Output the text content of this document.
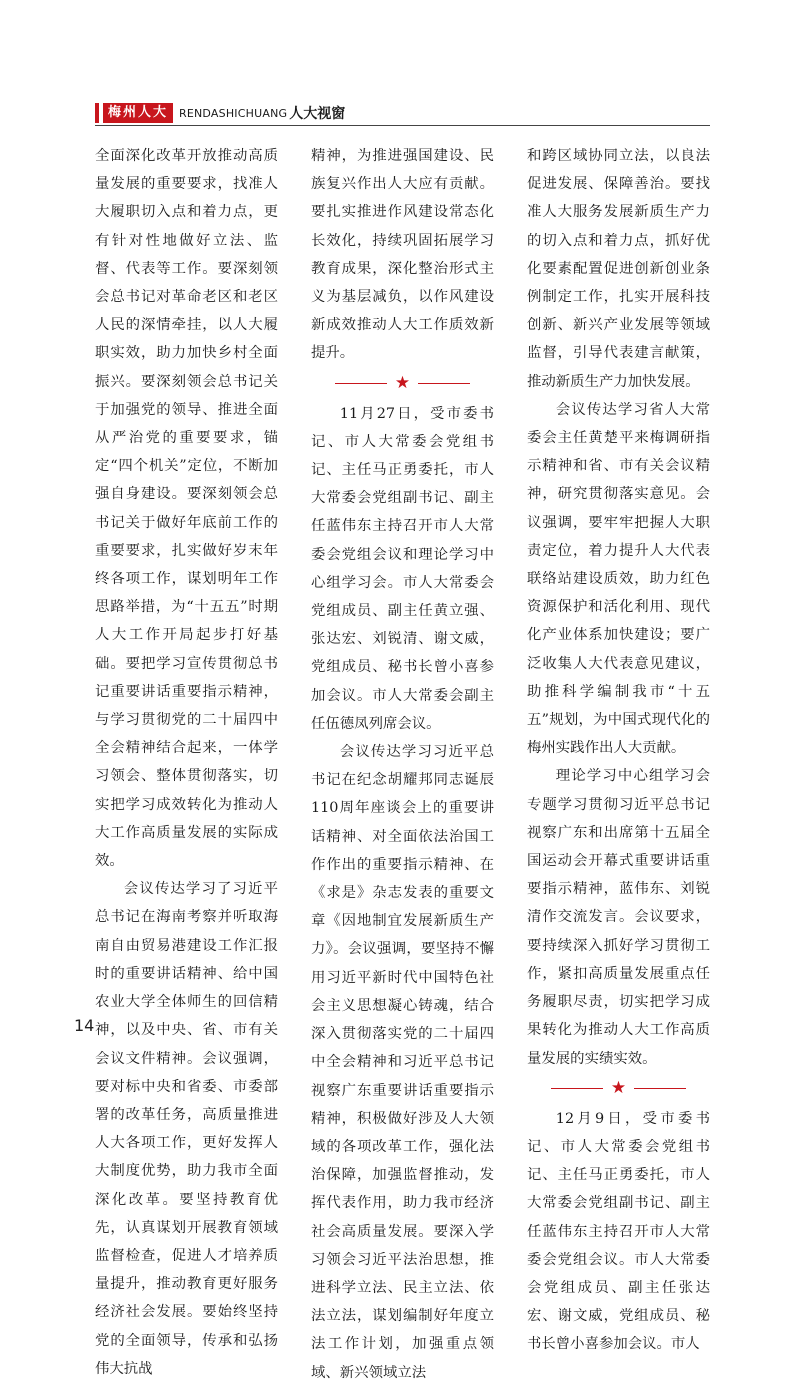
梅州人大	RENDASHICHUANG 人大视窗

全面深化改革开放推动高质量发展的重要要求，找准人大履职切入点和着力点，更有针对性地做好立法、监督、代表等工作。要深刻领会总书记对革命老区和老区人民的深情牵挂，以人大履职实效，助力加快乡村全面振兴。要深刻领会总书记关于加强党的领导、推进全面从严治党的重要要求，锚定“四个机关”定位，不断加强自身建设。要深刻领会总书记关于做好年底前工作的重要要求，扎实做好岁末年终各项工作，谋划明年工作思路举措，为“十五五”时期人大工作开局起步打好基础。要把学习宣传贯彻总书记重要讲话重要指示精神，与学习贯彻党的二十届四中全会精神结合起来，一体学习领会、整体贯彻落实，切实把学习成效转化为推动人大工作高质量发展的实际成效。

会议传达学习了习近平总书记在海南考察并听取海南自由贸易港建设工作汇报时的重要讲话精神、给中国农业大学全体师生的回信精神，以及中央、省、市有关会议文件精神。会议强调，要对标中央和省委、市委部署的改革任务，高质量推进人大各项工作，更好发挥人大制度优势，助力我市全面深化改革。要坚持教育优先，认真谋划开展教育领域监督检查，促进人才培养质量提升，推动教育更好服务经济社会发展。要始终坚持党的全面领导，传承和弘扬伟大抗战

精神，为推进强国建设、民族复兴作出人大应有贡献。要扎实推进作风建设常态化长效化，持续巩固拓展学习教育成果，深化整治形式主义为基层减负，以作风建设新成效推动人大工作质效新提升。

★

11月27日，受市委书记、市人大常委会党组书记、主任马正勇委托，市人大常委会党组副书记、副主任蓝伟东主持召开市人大常委会党组会议和理论学习中心组学习会。市人大常委会党组成员、副主任黄立强、张达宏、刘锐清、谢文威，党组成员、秘书长曾小喜参加会议。市人大常委会副主任伍德凤列席会议。

会议传达学习习近平总书记在纪念胡耀邦同志诞辰110周年座谈会上的重要讲话精神、对全面依法治国工作作出的重要指示精神、在《求是》杂志发表的重要文章《因地制宜发展新质生产力》。会议强调，要坚持不懈用习近平新时代中国特色社会主义思想凝心铸魂，结合深入贯彻落实党的二十届四中全会精神和习近平总书记视察广东重要讲话重要指示精神，积极做好涉及人大领域的各项改革工作，强化法治保障，加强监督推动，发挥代表作用，助力我市经济社会高质量发展。要深入学习领会习近平法治思想，推进科学立法、民主立法、依法立法，谋划编制好年度立法工作计划，加强重点领域、新兴领域立法

和跨区域协同立法，以良法促进发展、保障善治。要找准人大服务发展新质生产力的切入点和着力点，抓好优化要素配置促进创新创业条例制定工作，扎实开展科技创新、新兴产业发展等领域监督，引导代表建言献策，推动新质生产力加快发展。

会议传达学习省人大常委会主任黄楚平来梅调研指示精神和省、市有关会议精神，研究贯彻落实意见。会议强调，要牢牢把握人大职责定位，着力提升人大代表联络站建设质效，助力红色资源保护和活化利用、现代化产业体系加快建设；要广泛收集人大代表意见建议，助推科学编制我市“十五五”规划，为中国式现代化的梅州实践作出人大贡献。

理论学习中心组学习会专题学习贯彻习近平总书记视察广东和出席第十五届全国运动会开幕式重要讲话重要指示精神，蓝伟东、刘锐清作交流发言。会议要求，要持续深入抓好学习贯彻工作，紧扣高质量发展重点任务履职尽责，切实把学习成果转化为推动人大工作高质量发展的实绩实效。

★

12月9日，受市委书记、市人大常委会党组书记、主任马正勇委托，市人大常委会党组副书记、副主任蓝伟东主持召开市人大常委会党组会议。市人大常委会党组成员、副主任张达宏、谢文威，党组成员、秘书长曾小喜参加会议。市人

14
